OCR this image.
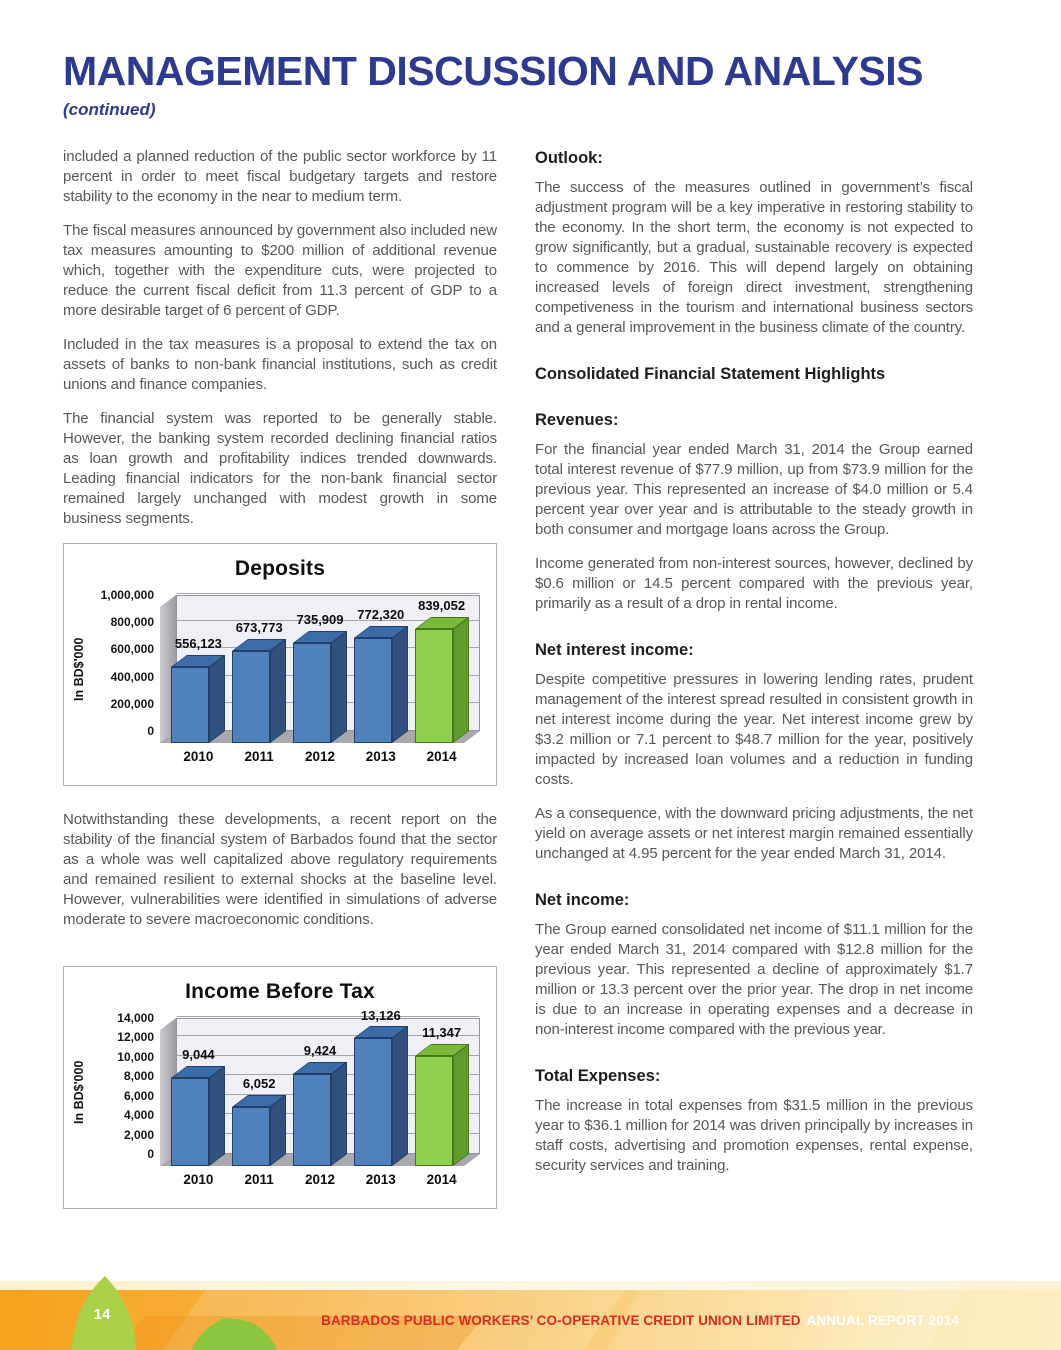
MANAGEMENT DISCUSSION AND ANALYSIS
(continued)

included a planned reduction of the public sector workforce by 11 percent in order to meet fiscal budgetary targets and restore stability to the economy in the near to medium term.

The fiscal measures announced by government also included new tax measures amounting to $200 million of additional revenue which, together with the expenditure cuts, were projected to reduce the current fiscal deficit from 11.3 percent of GDP to a more desirable target of 6 percent of GDP.

Included in the tax measures is a proposal to extend the tax on assets of banks to non-bank financial institutions, such as credit unions and finance companies.

The financial system was reported to be generally stable. However, the banking system recorded declining financial ratios as loan growth and profitability indices trended downwards. Leading financial indicators for the non-bank financial sector remained largely unchanged with modest growth in some business segments.

Deposits
In BD$'000
0
200,000
400,000
600,000
800,000
1,000,000
556,123
2010
673,773
2011
735,909
2012
772,320
2013
839,052
2014

Notwithstanding these developments, a recent report on the stability of the financial system of Barbados found that the sector as a whole was well capitalized above regulatory requirements and remained resilient to external shocks at the baseline level. However, vulnerabilities were identified in simulations of adverse moderate to severe macroeconomic conditions.

Income Before Tax
In BD$'000
0
2,000
4,000
6,000
8,000
10,000
12,000
14,000
9,044
2010
6,052
2011
9,424
2012
13,126
2013
11,347
2014
Outlook:

The success of the measures outlined in government’s fiscal adjustment program will be a key imperative in restoring stability to the economy. In the short term, the economy is not expected to grow significantly, but a gradual, sustainable recovery is expected to commence by 2016. This will depend largely on obtaining increased levels of foreign direct investment, strengthening competiveness in the tourism and international business sectors and a general improvement in the business climate of the country.

Consolidated Financial Statement Highlights
Revenues:

For the financial year ended March 31, 2014 the Group earned total interest revenue of $77.9 million, up from $73.9 million for the previous year. This represented an increase of $4.0 million or 5.4 percent year over year and is attributable to the steady growth in both consumer and mortgage loans across the Group.

Income generated from non-interest sources, however, declined by $0.6 million or 14.5 percent compared with the previous year, primarily as a result of a drop in rental income.

Net interest income:

Despite competitive pressures in lowering lending rates, prudent management of the interest spread resulted in consistent growth in net interest income during the year. Net interest income grew by $3.2 million or 7.1 percent to $48.7 million for the year, positively impacted by increased loan volumes and a reduction in funding costs.

As a consequence, with the downward pricing adjustments, the net yield on average assets or net interest margin remained essentially unchanged at 4.95 percent for the year ended March 31, 2014.

Net income:

The Group earned consolidated net income of $11.1 million for the year ended March 31, 2014 compared with $12.8 million for the previous year. This represented a decline of approximately $1.7 million or 13.3 percent over the prior year. The drop in net income is due to an increase in operating expenses and a decrease in non-interest income compared with the previous year.

Total Expenses:

The increase in total expenses from $31.5 million in the previous year to $36.1 million for 2014 was driven principally by increases in staff costs, advertising and promotion expenses, rental expense, security services and training.

BARBADOS PUBLIC WORKERS’ CO-OPERATIVE CREDIT UNION LIMITED ANNUAL REPORT 2014
14
